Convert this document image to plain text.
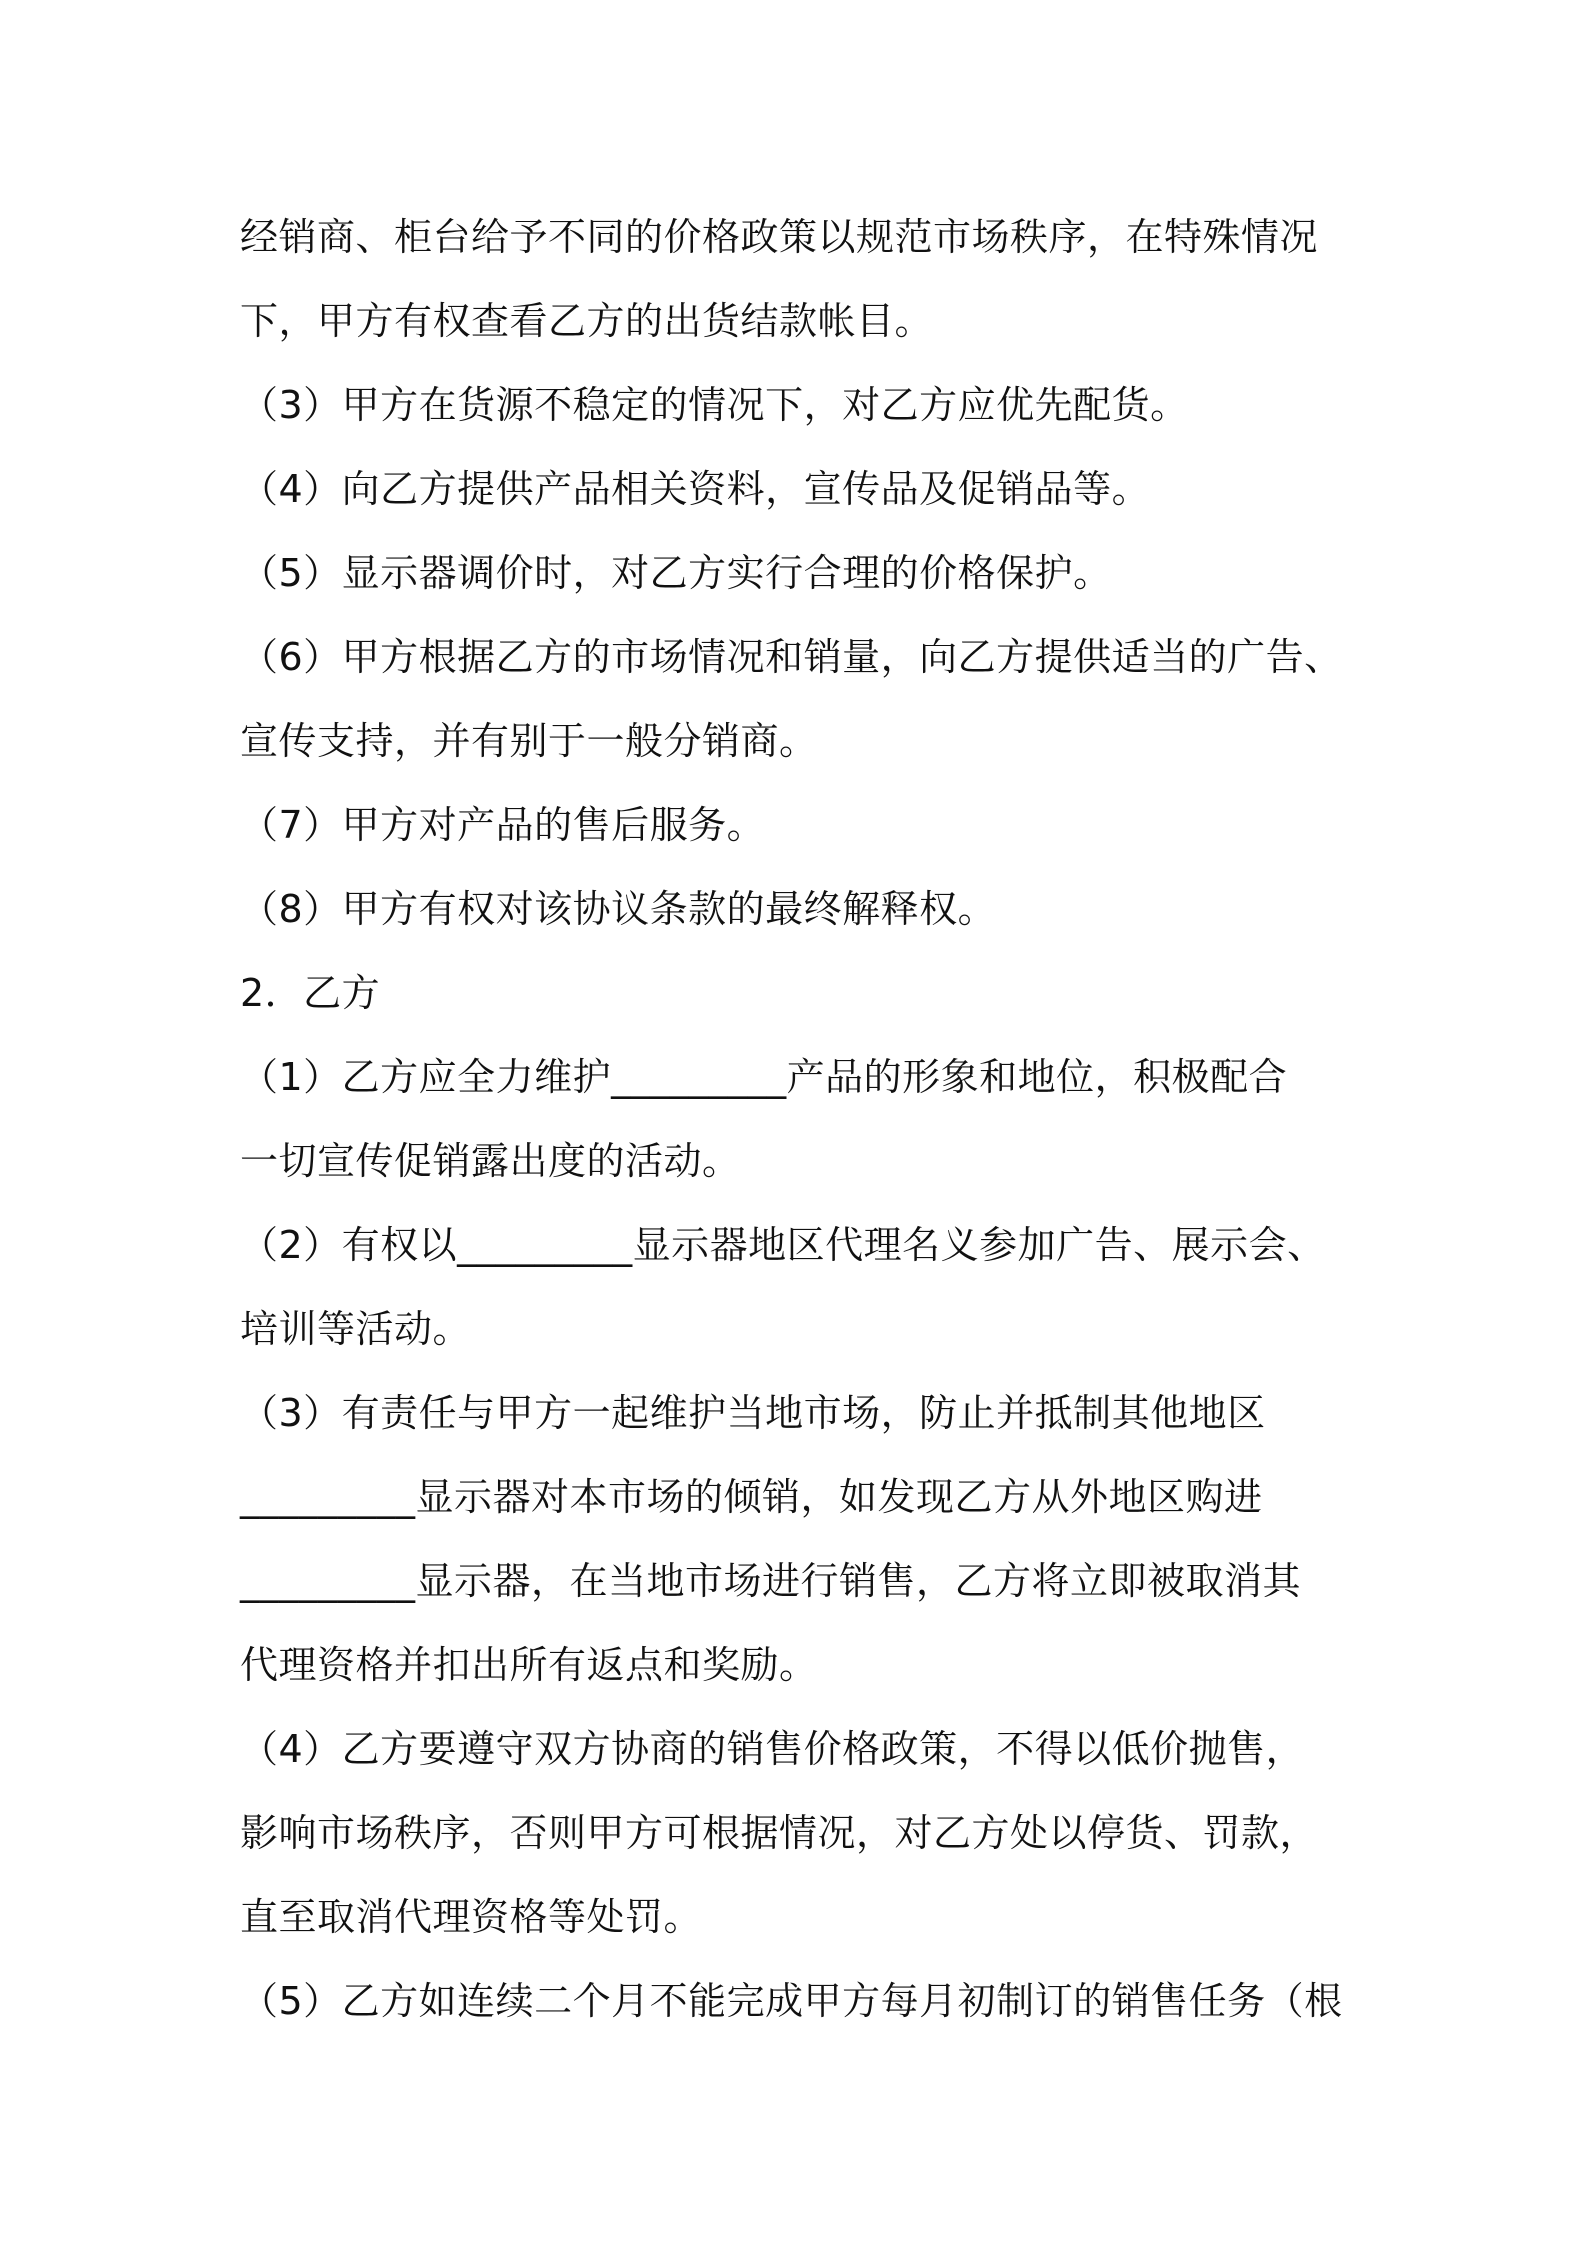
经销商、柜台给予不同的价格政策以规范市场秩序，在特殊情况
下，甲方有权查看乙方的出货结款帐目。
（3）甲方在货源不稳定的情况下，对乙方应优先配货。
（4）向乙方提供产品相关资料，宣传品及促销品等。
（5）显示器调价时，对乙方实行合理的价格保护。
（6）甲方根据乙方的市场情况和销量，向乙方提供适当的广告、
宣传支持，并有别于一般分销商。
（7）甲方对产品的售后服务。
（8）甲方有权对该协议条款的最终解释权。
2．乙方
（1）乙方应全力维护_________产品的形象和地位，积极配合
一切宣传促销露出度的活动。
（2）有权以_________显示器地区代理名义参加广告、展示会、
培训等活动。
（3）有责任与甲方一起维护当地市场，防止并抵制其他地区
_________显示器对本市场的倾销，如发现乙方从外地区购进
_________显示器，在当地市场进行销售，乙方将立即被取消其
代理资格并扣出所有返点和奖励。
（4）乙方要遵守双方协商的销售价格政策，不得以低价抛售，
影响市场秩序，否则甲方可根据情况，对乙方处以停货、罚款，
直至取消代理资格等处罚。
（5）乙方如连续二个月不能完成甲方每月初制订的销售任务（根
